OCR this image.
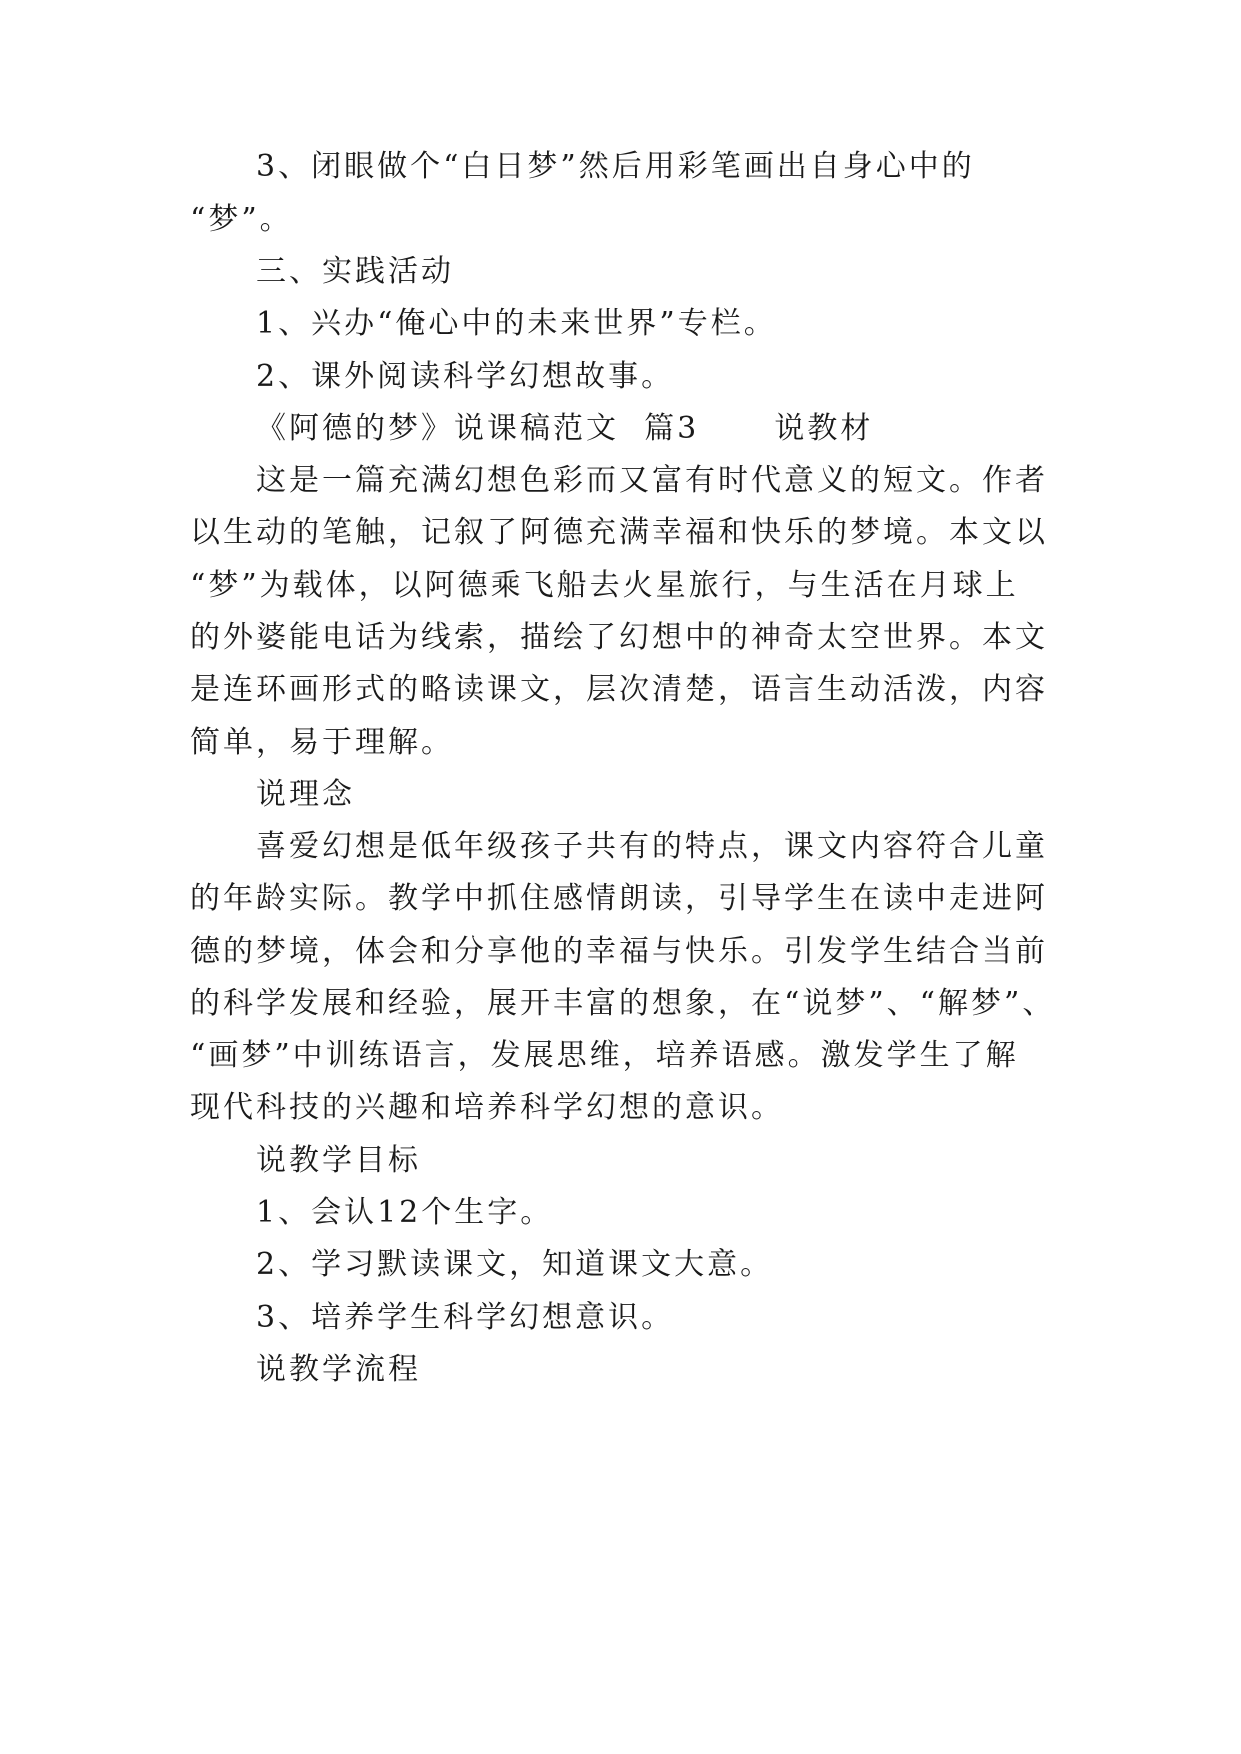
3、闭眼做个“白日梦”然后用彩笔画出自身心中的
“梦”。
三、实践活动
1、兴办“俺心中的未来世界”专栏。
2、课外阅读科学幻想故事。
《阿德的梦》说课稿范文  篇3      说教材
这是一篇充满幻想色彩而又富有时代意义的短文。作者
以生动的笔触，记叙了阿德充满幸福和快乐的梦境。本文以
“梦”为载体，以阿德乘飞船去火星旅行，与生活在月球上
的外婆能电话为线索，描绘了幻想中的神奇太空世界。本文
是连环画形式的略读课文，层次清楚，语言生动活泼，内容
简单，易于理解。
说理念
喜爱幻想是低年级孩子共有的特点，课文内容符合儿童
的年龄实际。教学中抓住感情朗读，引导学生在读中走进阿
德的梦境，体会和分享他的幸福与快乐。引发学生结合当前
的科学发展和经验，展开丰富的想象，在“说梦”、“解梦”、
“画梦”中训练语言，发展思维，培养语感。激发学生了解
现代科技的兴趣和培养科学幻想的意识。
说教学目标
1、会认12个生字。
2、学习默读课文，知道课文大意。
3、培养学生科学幻想意识。
说教学流程
